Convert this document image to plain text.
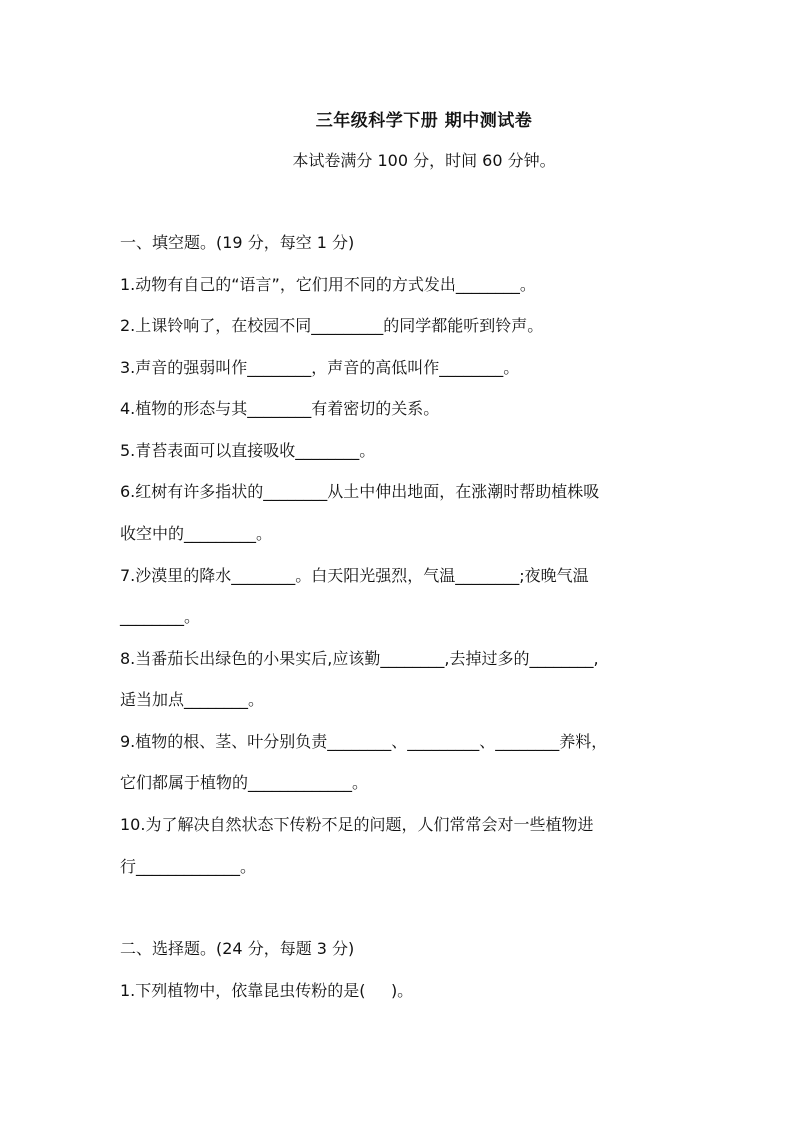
三年级科学下册 期中测试卷
本试卷满分 100 分，时间 60 分钟。
一、填空题。(19 分，每空 1 分)
1.动物有自己的“语言”，它们用不同的方式发出________。
2.上课铃响了，在校园不同_________的同学都能听到铃声。
3.声音的强弱叫作________，声音的高低叫作________。
4.植物的形态与其________有着密切的关系。
5.青苔表面可以直接吸收________。
6.红树有许多指状的________从土中伸出地面，在涨潮时帮助植株吸
收空中的_________。
7.沙漠里的降水________。白天阳光强烈，气温________;夜晚气温
________。
8.当番茄长出绿色的小果实后,应该勤________,去掉过多的________,
适当加点________。
9.植物的根、茎、叶分别负责________、_________、________养料，
它们都属于植物的_____________。
10.为了解决自然状态下传粉不足的问题，人们常常会对一些植物进
行_____________。
二、选择题。(24 分，每题 3 分)
1.下列植物中，依靠昆虫传粉的是(     )。
